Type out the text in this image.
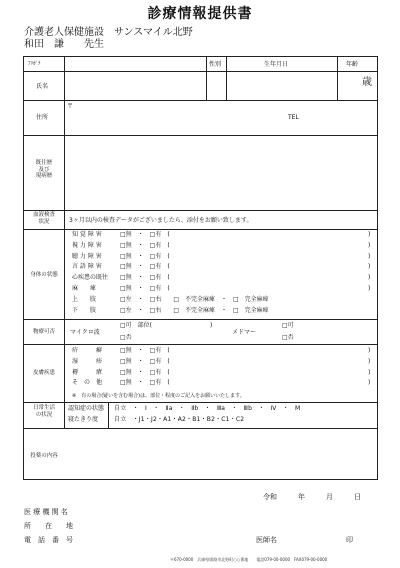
診療情報提供書
介護老人保健施設　サンスマイル北野
和田　謙　　先生
ﾌﾘｶﾞﾅ	性別	生年月日	年齢
氏名	歳
住所
〒
TEL
既往歴
及び
現病歴
血液検査
状況	3ヶ月以内の検査データがございましたら、添付をお願い致します。
身体の状態
知 覚 障 害	□無　・　□有　(	)
視 力 障 害	□無　・　□有　(	)
聴 力 障 害	□無　・　□有　(	)
言 語 障 害	□無　・　□有　(	)
心疾患の既往 □無　・　□有　(	)
麻　　痺	□無　・　□有　(	)
上　　肢	□左　・　□右　　□　不完全麻痺　・　□　完全麻痺
下　　肢	□左　・　□右　　□　不完全麻痺　・　□　完全麻痺
物療可否	マイクロ波
□可　部位(	)
□否
メドマー
□可
□否
皮膚疾患
疥　　　癬	□無　・　□有　(	)
湿　　　疹	□無　・　□有　(	)
褥　　　瘡	□無　・　□有　(	)
そ　の　他	□無　・　□有　(	)
※　有の場合(疑いを含む場合)は、部位・程度のご記入をお願いいたします。
日常生活
の状況
認知症の状態 自立　・　Ⅰ　・　Ⅱa　・　Ⅱb　・　Ⅲa　・　Ⅲb　・　Ⅳ　・　M
寝たきり度	自立　・J1・J2・A1・A2・B1・B2・C1・C2
投薬の内容
令和　　　年　　　月　　　日
医 療 機 関 名
所　　在　　地
電　話　番　号	医師名	印
〒670-0000　兵庫県姫路市北野町○○番地　　電話079-00-0000　FAX079-00-0000
